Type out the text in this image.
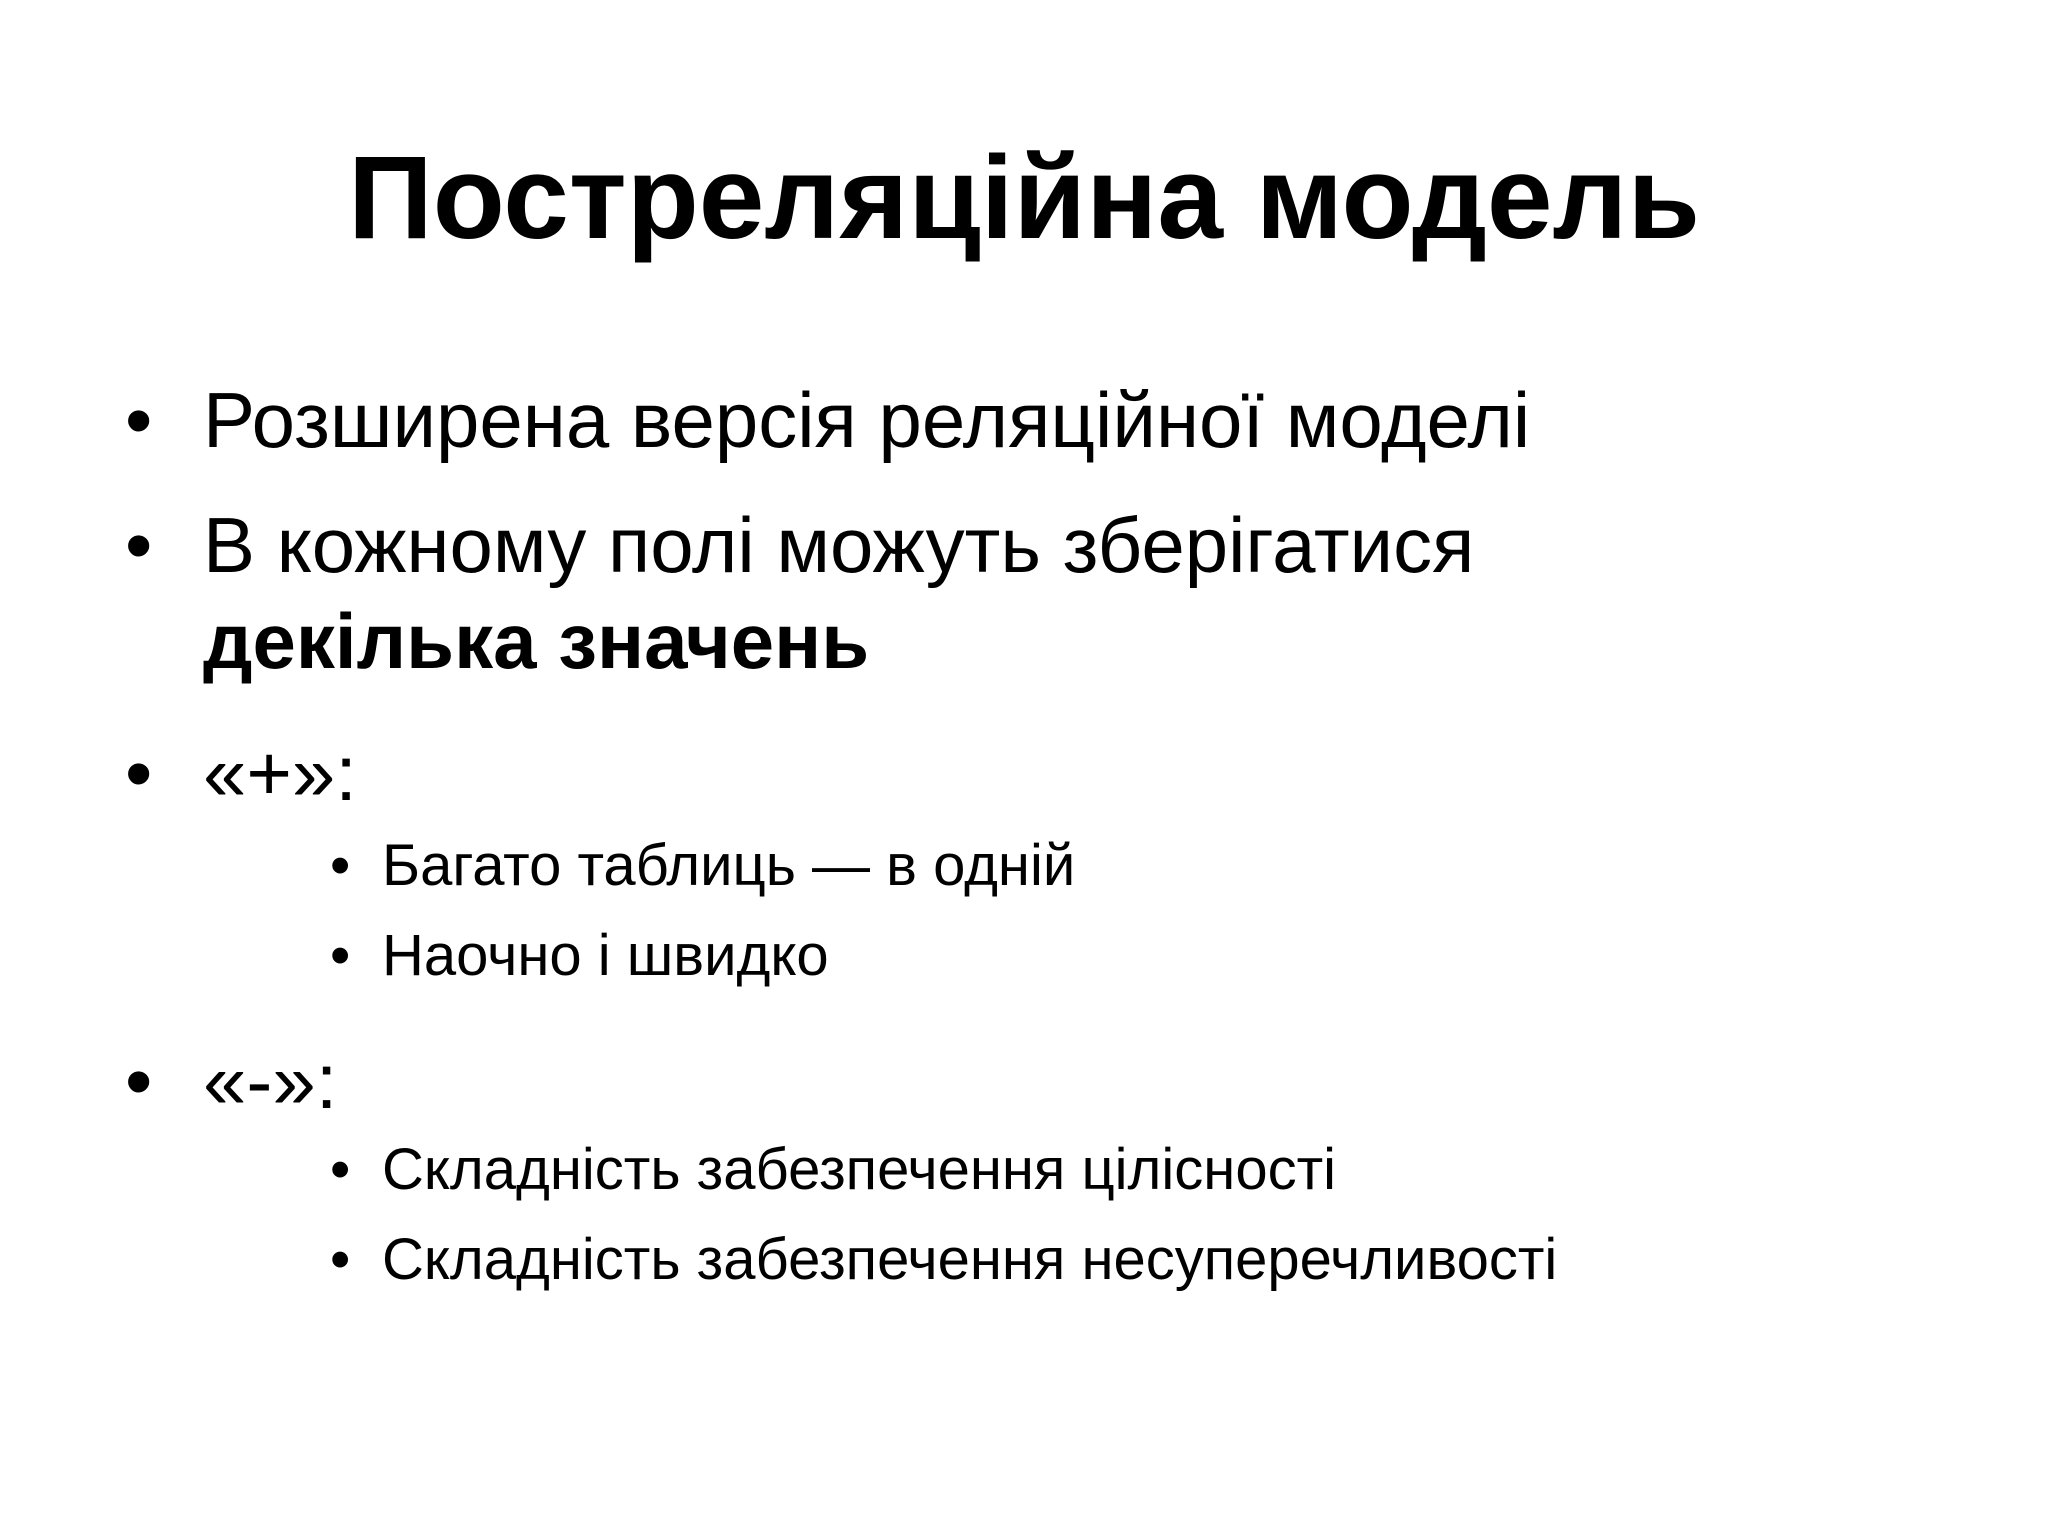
Постреляційна модель
• Розширена версія реляційної моделі
• В кожному полі можуть зберігатися
декілька значень
• «+»:
• Багато таблиць — в одній
• Наочно і швидко
• «-»:
• Складність забезпечення цілісності
• Складність забезпечення несуперечливості
